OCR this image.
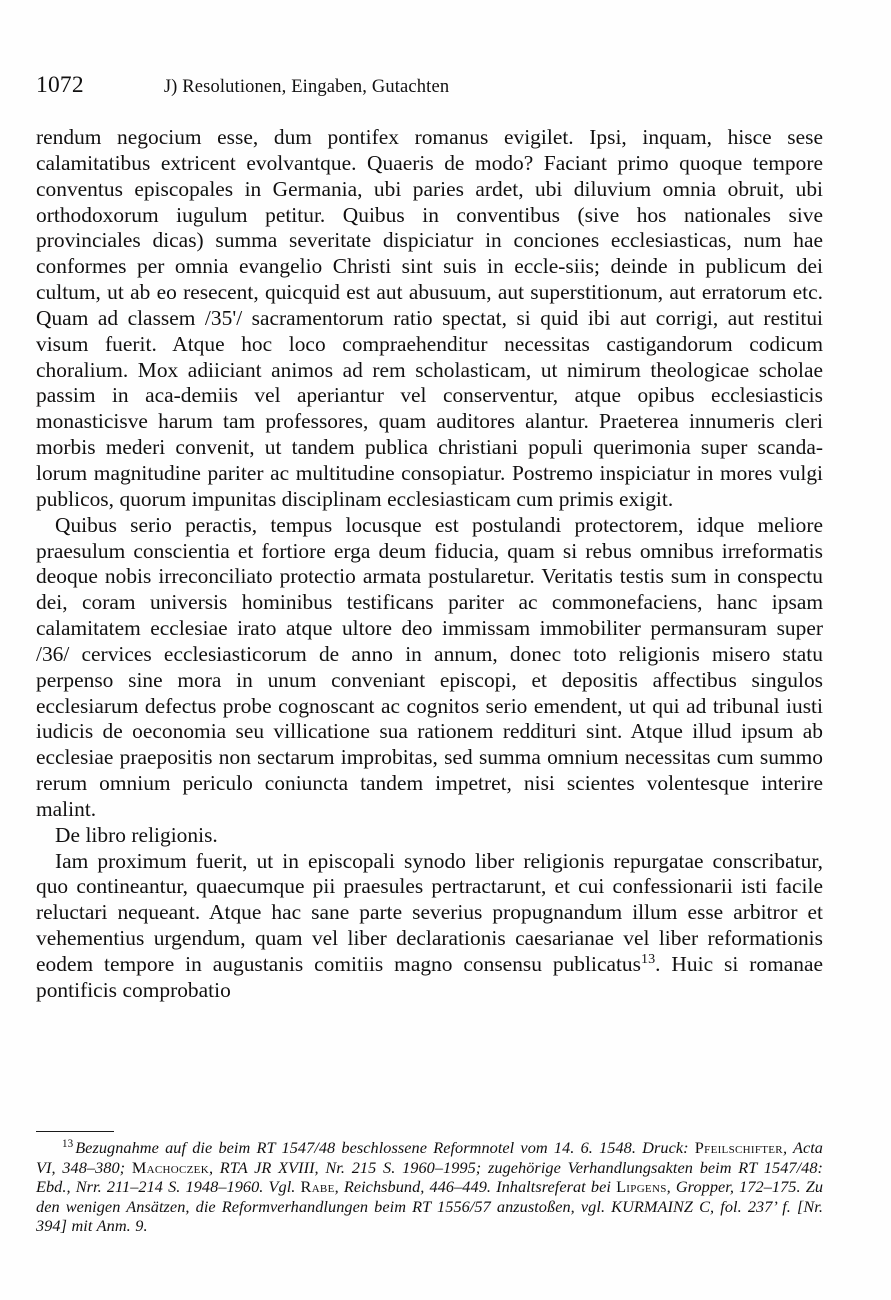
1072	J) Resolutionen, Eingaben, Gutachten

rendum negocium esse, dum pontifex romanus evigilet. Ipsi, inquam, hisce sese calamitatibus extricent evolvantque. Quaeris de modo? Faciant primo quoque tempore conventus episcopales in Germania, ubi paries ardet, ubi diluvium omnia obruit, ubi orthodoxorum iugulum petitur. Quibus in conventibus (sive hos nationales sive provinciales dicas) summa severitate dispiciatur in conciones ecclesiasticas, num hae conformes per omnia evangelio Christi sint suis in eccle-siis; deinde in publicum dei cultum, ut ab eo resecent, quicquid est aut abusuum, aut superstitionum, aut erratorum etc. Quam ad classem /35'/ sacramentorum ratio spectat, si quid ibi aut corrigi, aut restitui visum fuerit. Atque hoc loco compraehenditur necessitas castigandorum codicum choralium. Mox adiiciant animos ad rem scholasticam, ut nimirum theologicae scholae passim in aca-demiis vel aperiantur vel conserventur, atque opibus ecclesiasticis monasticisve harum tam professores, quam auditores alantur. Praeterea innumeris cleri morbis mederi convenit, ut tandem publica christiani populi querimonia super scanda-lorum magnitudine pariter ac multitudine consopiatur. Postremo inspiciatur in mores vulgi publicos, quorum impunitas disciplinam ecclesiasticam cum primis exigit.

Quibus serio peractis, tempus locusque est postulandi protectorem, idque meliore praesulum conscientia et fortiore erga deum fiducia, quam si rebus omnibus irreformatis deoque nobis irreconciliato protectio armata postularetur. Veritatis testis sum in conspectu dei, coram universis hominibus testificans pariter ac commonefaciens, hanc ipsam calamitatem ecclesiae irato atque ultore deo immissam immobiliter permansuram super /36/ cervices ecclesiasticorum de anno in annum, donec toto religionis misero statu perpenso sine mora in unum conveniant episcopi, et depositis affectibus singulos ecclesiarum defectus probe cognoscant ac cognitos serio emendent, ut qui ad tribunal iusti iudicis de oeconomia seu villicatione sua rationem reddituri sint. Atque illud ipsum ab ecclesiae praepositis non sectarum improbitas, sed summa omnium necessitas cum summo rerum omnium periculo coniuncta tandem impetret, nisi scientes volentesque interire malint.

De libro religionis.

Iam proximum fuerit, ut in episcopali synodo liber religionis repurgatae conscribatur, quo contineantur, quaecumque pii praesules pertractarunt, et cui confessionarii isti facile reluctari nequeant. Atque hac sane parte severius propugnandum illum esse arbitror et vehementius urgendum, quam vel liber declarationis caesarianae vel liber reformationis eodem tempore in augustanis comitiis magno consensu publicatus$^{13}$. Huic si romanae pontificis comprobatio

$^{13}$ Bezugnahme auf die beim RT 1547/48 beschlossene Reformnotel vom 14. 6. 1548. Druck: Pfeilschifter, Acta VI, 348–380; Machoczek, RTA JR XVIII, Nr. 215 S. 1960–1995; zugehörige Verhandlungsakten beim RT 1547/48: Ebd., Nrr. 211–214 S. 1948–1960. Vgl. Rabe, Reichsbund, 446–449. Inhaltsreferat bei Lipgens, Gropper, 172–175. Zu den wenigen Ansätzen, die Reformverhandlungen beim RT 1556/57 anzustoßen, vgl. KURMAINZ C, fol. 237’ f. [Nr. 394] mit Anm. 9.
